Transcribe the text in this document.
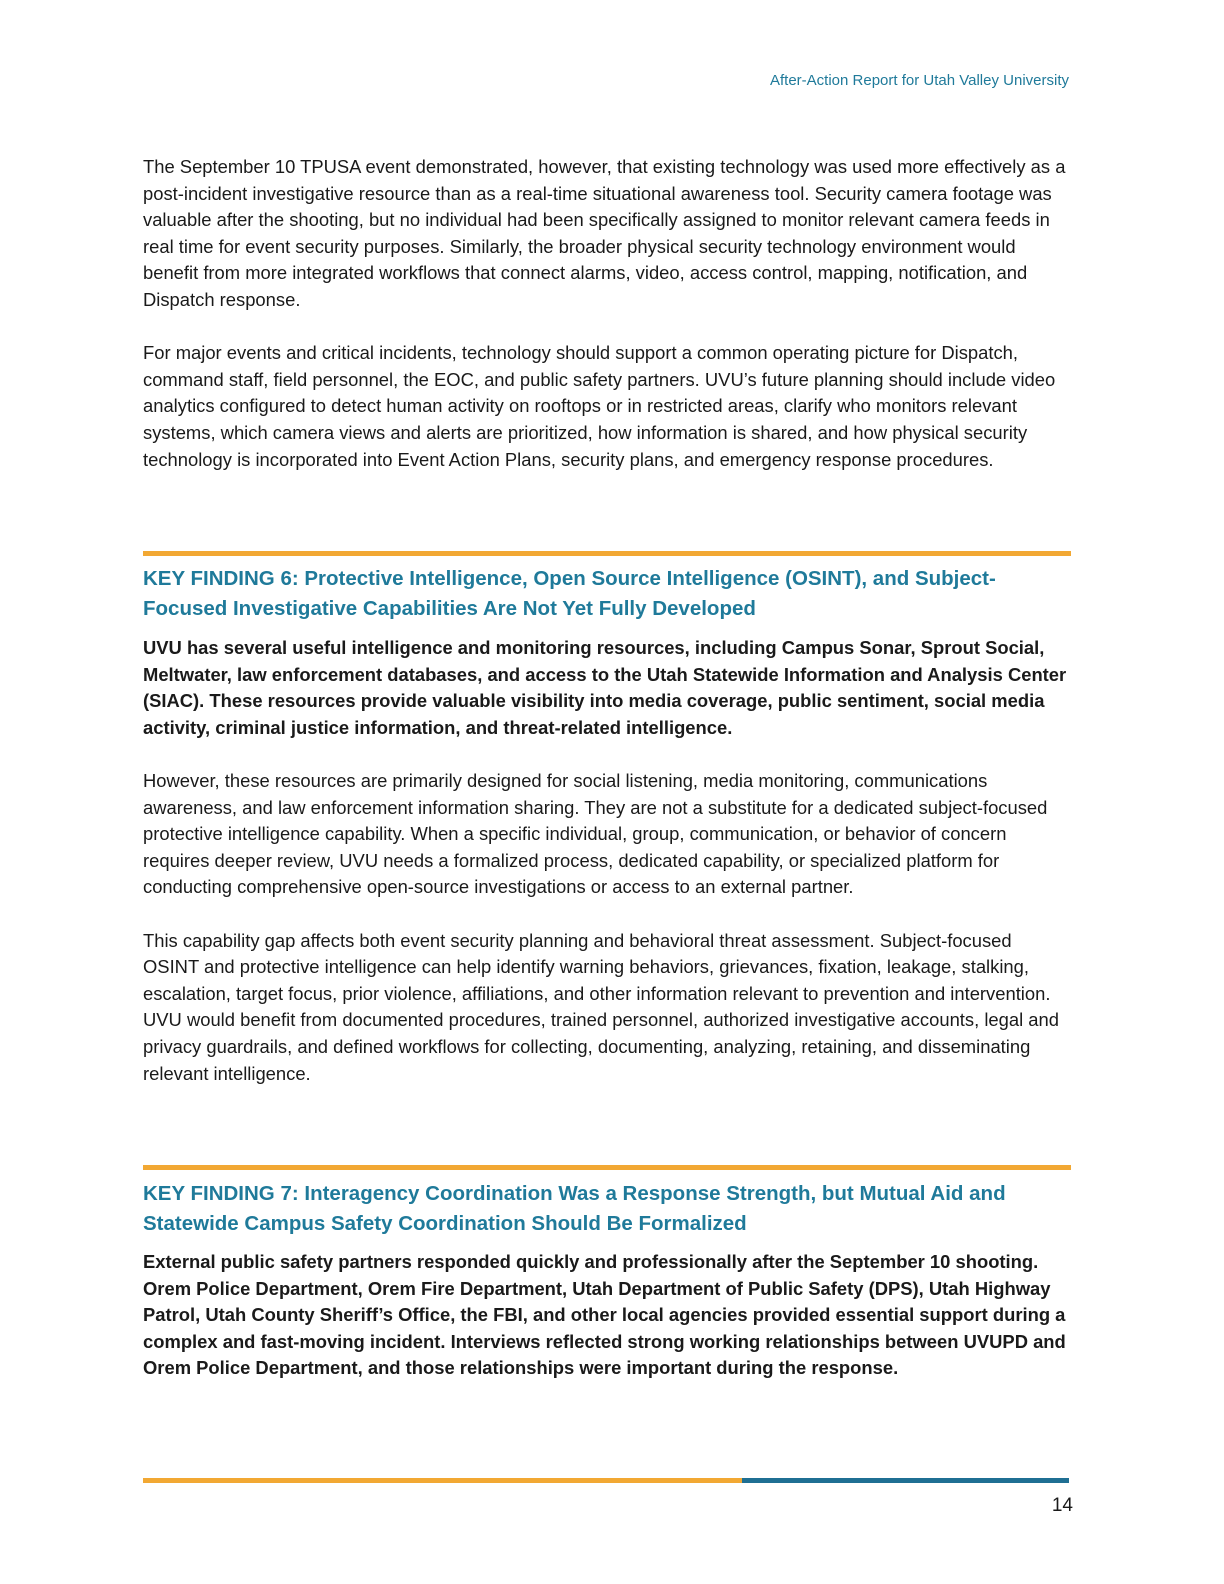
After-Action Report for Utah Valley University

The September 10 TPUSA event demonstrated, however, that existing technology was used more effectively as a post-incident investigative resource than as a real-time situational awareness tool. Security camera footage was valuable after the shooting, but no individual had been specifically assigned to monitor relevant camera feeds in real time for event security purposes. Similarly, the broader physical security technology environment would benefit from more integrated workflows that connect alarms, video, access control, mapping, notification, and Dispatch response.

For major events and critical incidents, technology should support a common operating picture for Dispatch, command staff, field personnel, the EOC, and public safety partners. UVU’s future planning should include video analytics configured to detect human activity on rooftops or in restricted areas, clarify who monitors relevant systems, which camera views and alerts are prioritized, how information is shared, and how physical security technology is incorporated into Event Action Plans, security plans, and emergency response procedures.

KEY FINDING 6: Protective Intelligence, Open Source Intelligence (OSINT), and Subject-Focused Investigative Capabilities Are Not Yet Fully Developed

UVU has several useful intelligence and monitoring resources, including Campus Sonar, Sprout Social, Meltwater, law enforcement databases, and access to the Utah Statewide Information and Analysis Center (SIAC). These resources provide valuable visibility into media coverage, public sentiment, social media activity, criminal justice information, and threat-related intelligence.

However, these resources are primarily designed for social listening, media monitoring, communications awareness, and law enforcement information sharing. They are not a substitute for a dedicated subject-focused protective intelligence capability. When a specific individual, group, communication, or behavior of concern requires deeper review, UVU needs a formalized process, dedicated capability, or specialized platform for conducting comprehensive open-source investigations or access to an external partner.

This capability gap affects both event security planning and behavioral threat assessment. Subject-focused OSINT and protective intelligence can help identify warning behaviors, grievances, fixation, leakage, stalking, escalation, target focus, prior violence, affiliations, and other information relevant to prevention and intervention. UVU would benefit from documented procedures, trained personnel, authorized investigative accounts, legal and privacy guardrails, and defined workflows for collecting, documenting, analyzing, retaining, and disseminating relevant intelligence.

KEY FINDING 7: Interagency Coordination Was a Response Strength, but Mutual Aid and Statewide Campus Safety Coordination Should Be Formalized

External public safety partners responded quickly and professionally after the September 10 shooting. Orem Police Department, Orem Fire Department, Utah Department of Public Safety (DPS), Utah Highway Patrol, Utah County Sheriff’s Office, the FBI, and other local agencies provided essential support during a complex and fast-moving incident. Interviews reflected strong working relationships between UVUPD and Orem Police Department, and those relationships were important during the response.

14
